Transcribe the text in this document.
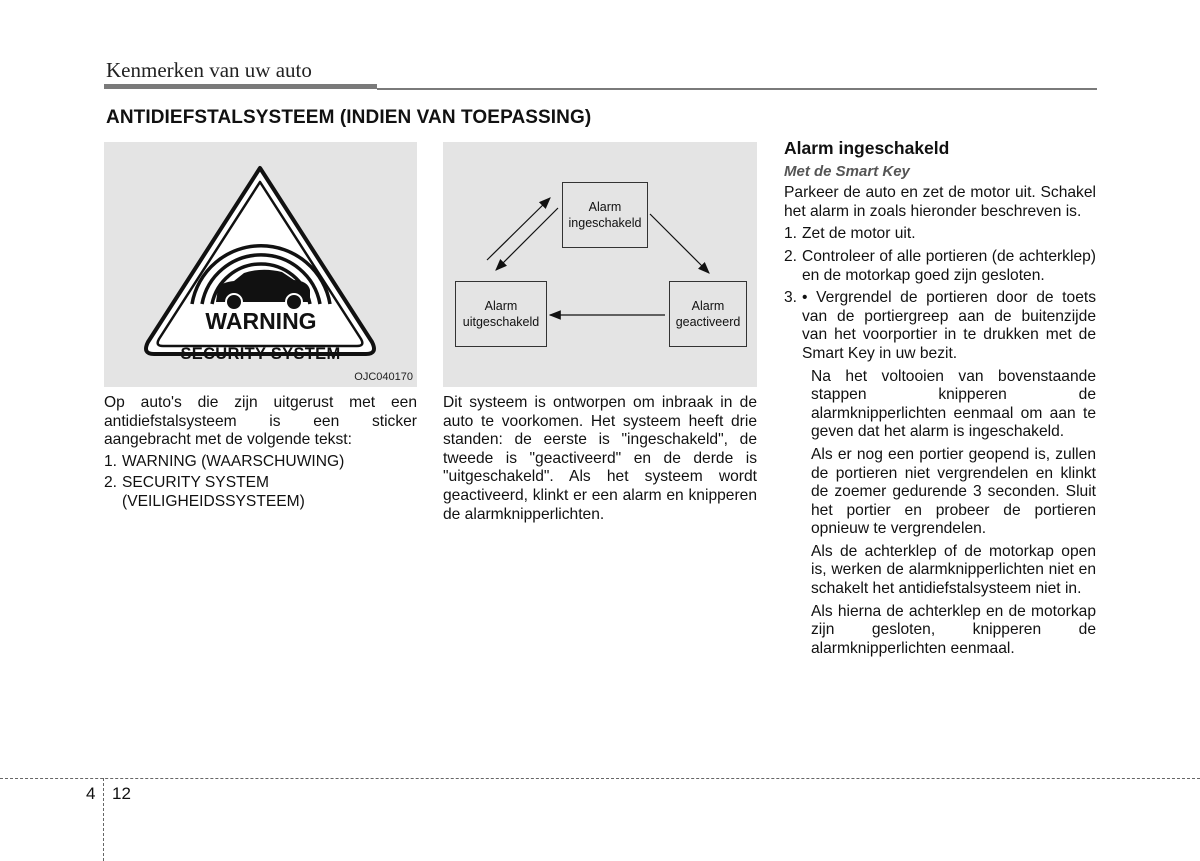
Kenmerken van uw auto
ANTIDIEFSTALSYSTEEM (INDIEN VAN TOEPASSING)
WARNING
SECURITY SYSTEM
OJC040170
Alarm
ingeschakeld
Alarm
uitgeschakeld
Alarm
geactiveerd

Op auto's die zijn uitgerust met een antidiefstalsysteem is een sticker aangebracht met de volgende tekst:

1. WARNING (WAARSCHUWING)
2. SECURITY SYSTEM (VEILIGHEIDSSYSTEEM)

Dit systeem is ontworpen om inbraak in de auto te voorkomen. Het systeem heeft drie standen: de eerste is "ingeschakeld", de tweede is "geactiveerd" en de derde is "uitgeschakeld". Als het systeem wordt geactiveerd, klinkt er een alarm en knipperen de alarmknipperlichten.

Alarm ingeschakeld
Met de Smart Key

Parkeer de auto en zet de motor uit. Schakel het alarm in zoals hieronder beschreven is.

1. Zet de motor uit.
2. Controleer of alle portieren (de achterklep) en de motorkap goed zijn gesloten.
3. • Vergrendel de portieren door de toets van de portiergreep aan de buitenzijde van het voorportier in te drukken met de Smart Key in uw bezit.

Na het voltooien van bovenstaande stappen knipperen de alarmknipperlichten eenmaal om aan te geven dat het alarm is ingeschakeld.

Als er nog een portier geopend is, zullen de portieren niet vergrendelen en klinkt de zoemer gedurende 3 seconden. Sluit het portier en probeer de portieren opnieuw te vergrendelen.

Als de achterklep of de motorkap open is, werken de alarmknipperlichten niet en schakelt het antidiefstalsysteem niet in.

Als hierna de achterklep en de motorkap zijn gesloten, knipperen de alarmknipperlichten eenmaal.

4 12
